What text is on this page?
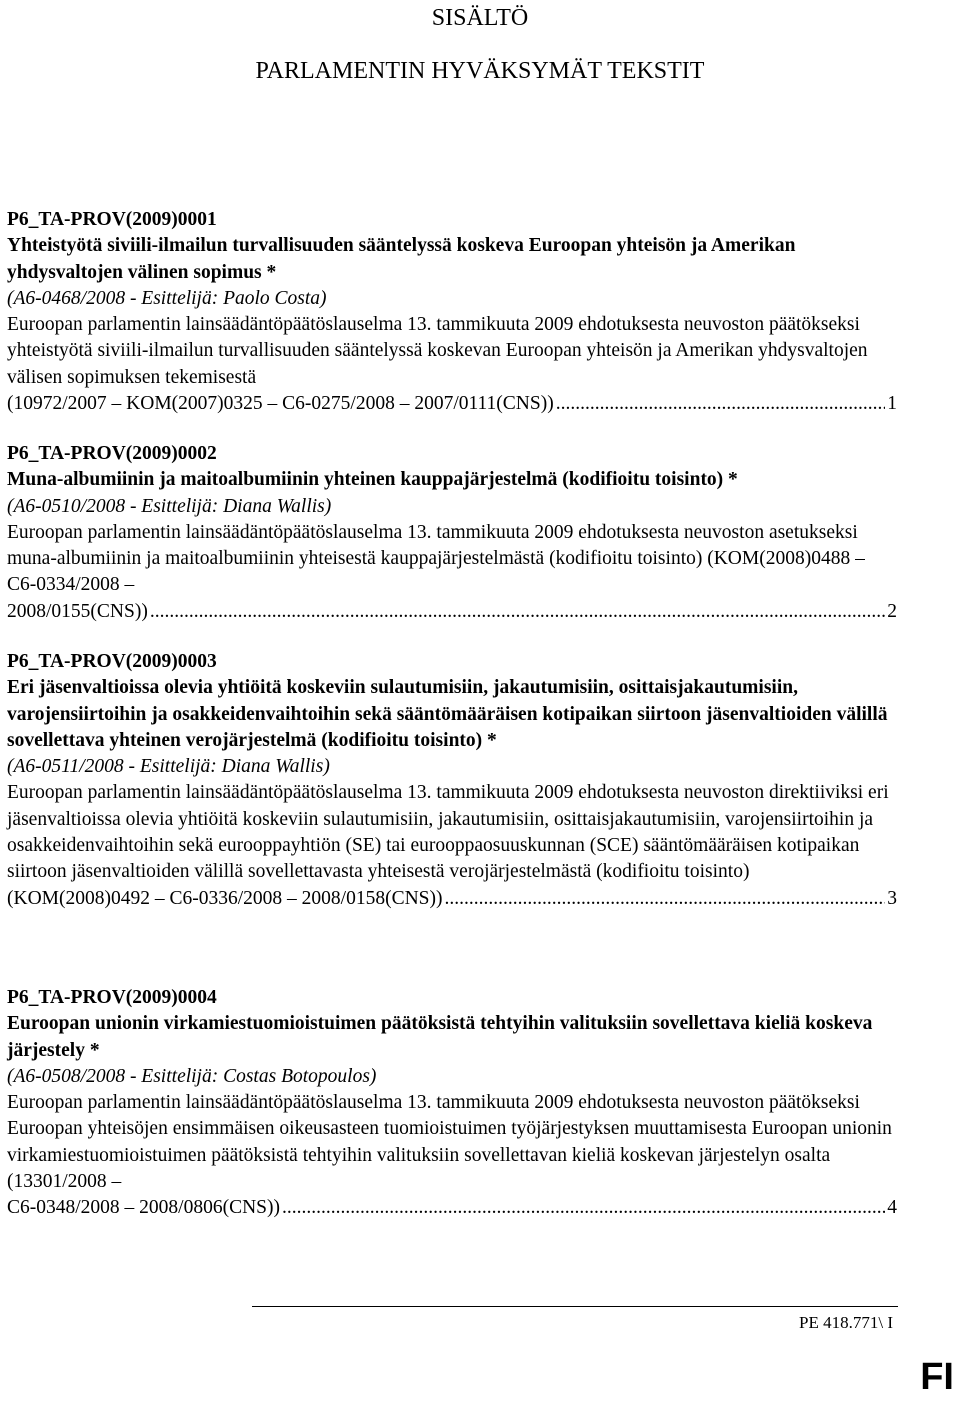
SISÄLTÖ
PARLAMENTIN HYVÄKSYMÄT TEKSTIT

P6_TA-PROV(2009)0001

Yhteistyötä siviili-ilmailun turvallisuuden sääntelyssä koskeva Euroopan yhteisön ja Amerikan yhdysvaltojen välinen sopimus *

(A6-0468/2008 - Esittelijä: Paolo Costa)

Euroopan parlamentin lainsäädäntöpäätöslauselma 13. tammikuuta 2009 ehdotuksesta neuvoston päätökseksi yhteistyötä siviili-ilmailun turvallisuuden sääntelyssä koskevan Euroopan yhteisön ja Amerikan yhdysvaltojen välisen sopimuksen tekemisestä

(10972/2007 – KOM(2007)0325 – C6-0275/2008 – 2007/0111(CNS)) .....	1

P6_TA-PROV(2009)0002

Muna-albumiinin ja maitoalbumiinin yhteinen kauppajärjestelmä (kodifioitu toisinto) *

(A6-0510/2008 - Esittelijä: Diana Wallis)

Euroopan parlamentin lainsäädäntöpäätöslauselma 13. tammikuuta 2009 ehdotuksesta neuvoston asetukseksi muna-albumiinin ja maitoalbumiinin yhteisestä kauppajärjestelmästä (kodifioitu toisinto) (KOM(2008)0488 – C6-0334/2008 –

2008/0155(CNS)) .....	2

P6_TA-PROV(2009)0003

Eri jäsenvaltioissa olevia yhtiöitä koskeviin sulautumisiin, jakautumisiin, osittaisjakautumisiin, varojensiirtoihin ja osakkeidenvaihtoihin sekä sääntömääräisen kotipaikan siirtoon jäsenvaltioiden välillä sovellettava yhteinen verojärjestelmä (kodifioitu toisinto) *

(A6-0511/2008 - Esittelijä: Diana Wallis)

Euroopan parlamentin lainsäädäntöpäätöslauselma 13. tammikuuta 2009 ehdotuksesta neuvoston direktiiviksi eri jäsenvaltioissa olevia yhtiöitä koskeviin sulautumisiin, jakautumisiin, osittaisjakautumisiin, varojensiirtoihin ja osakkeidenvaihtoihin sekä eurooppayhtiön (SE) tai eurooppaosuuskunnan (SCE) sääntömääräisen kotipaikan siirtoon jäsenvaltioiden välillä sovellettavasta yhteisestä verojärjestelmästä (kodifioitu toisinto)

(KOM(2008)0492 – C6-0336/2008 – 2008/0158(CNS)) .....	3

P6_TA-PROV(2009)0004

Euroopan unionin virkamiestuomioistuimen päätöksistä tehtyihin valituksiin sovellettava kieliä koskeva järjestely *

(A6-0508/2008 - Esittelijä: Costas Botopoulos)

Euroopan parlamentin lainsäädäntöpäätöslauselma 13. tammikuuta 2009 ehdotuksesta neuvoston päätökseksi Euroopan yhteisöjen ensimmäisen oikeusasteen tuomioistuimen työjärjestyksen muuttamisesta Euroopan unionin virkamiestuomioistuimen päätöksistä tehtyihin valituksiin sovellettavan kieliä koskevan järjestelyn osalta (13301/2008 –

C6-0348/2008 – 2008/0806(CNS)) .....	4

PE 418.771\ I
FI
